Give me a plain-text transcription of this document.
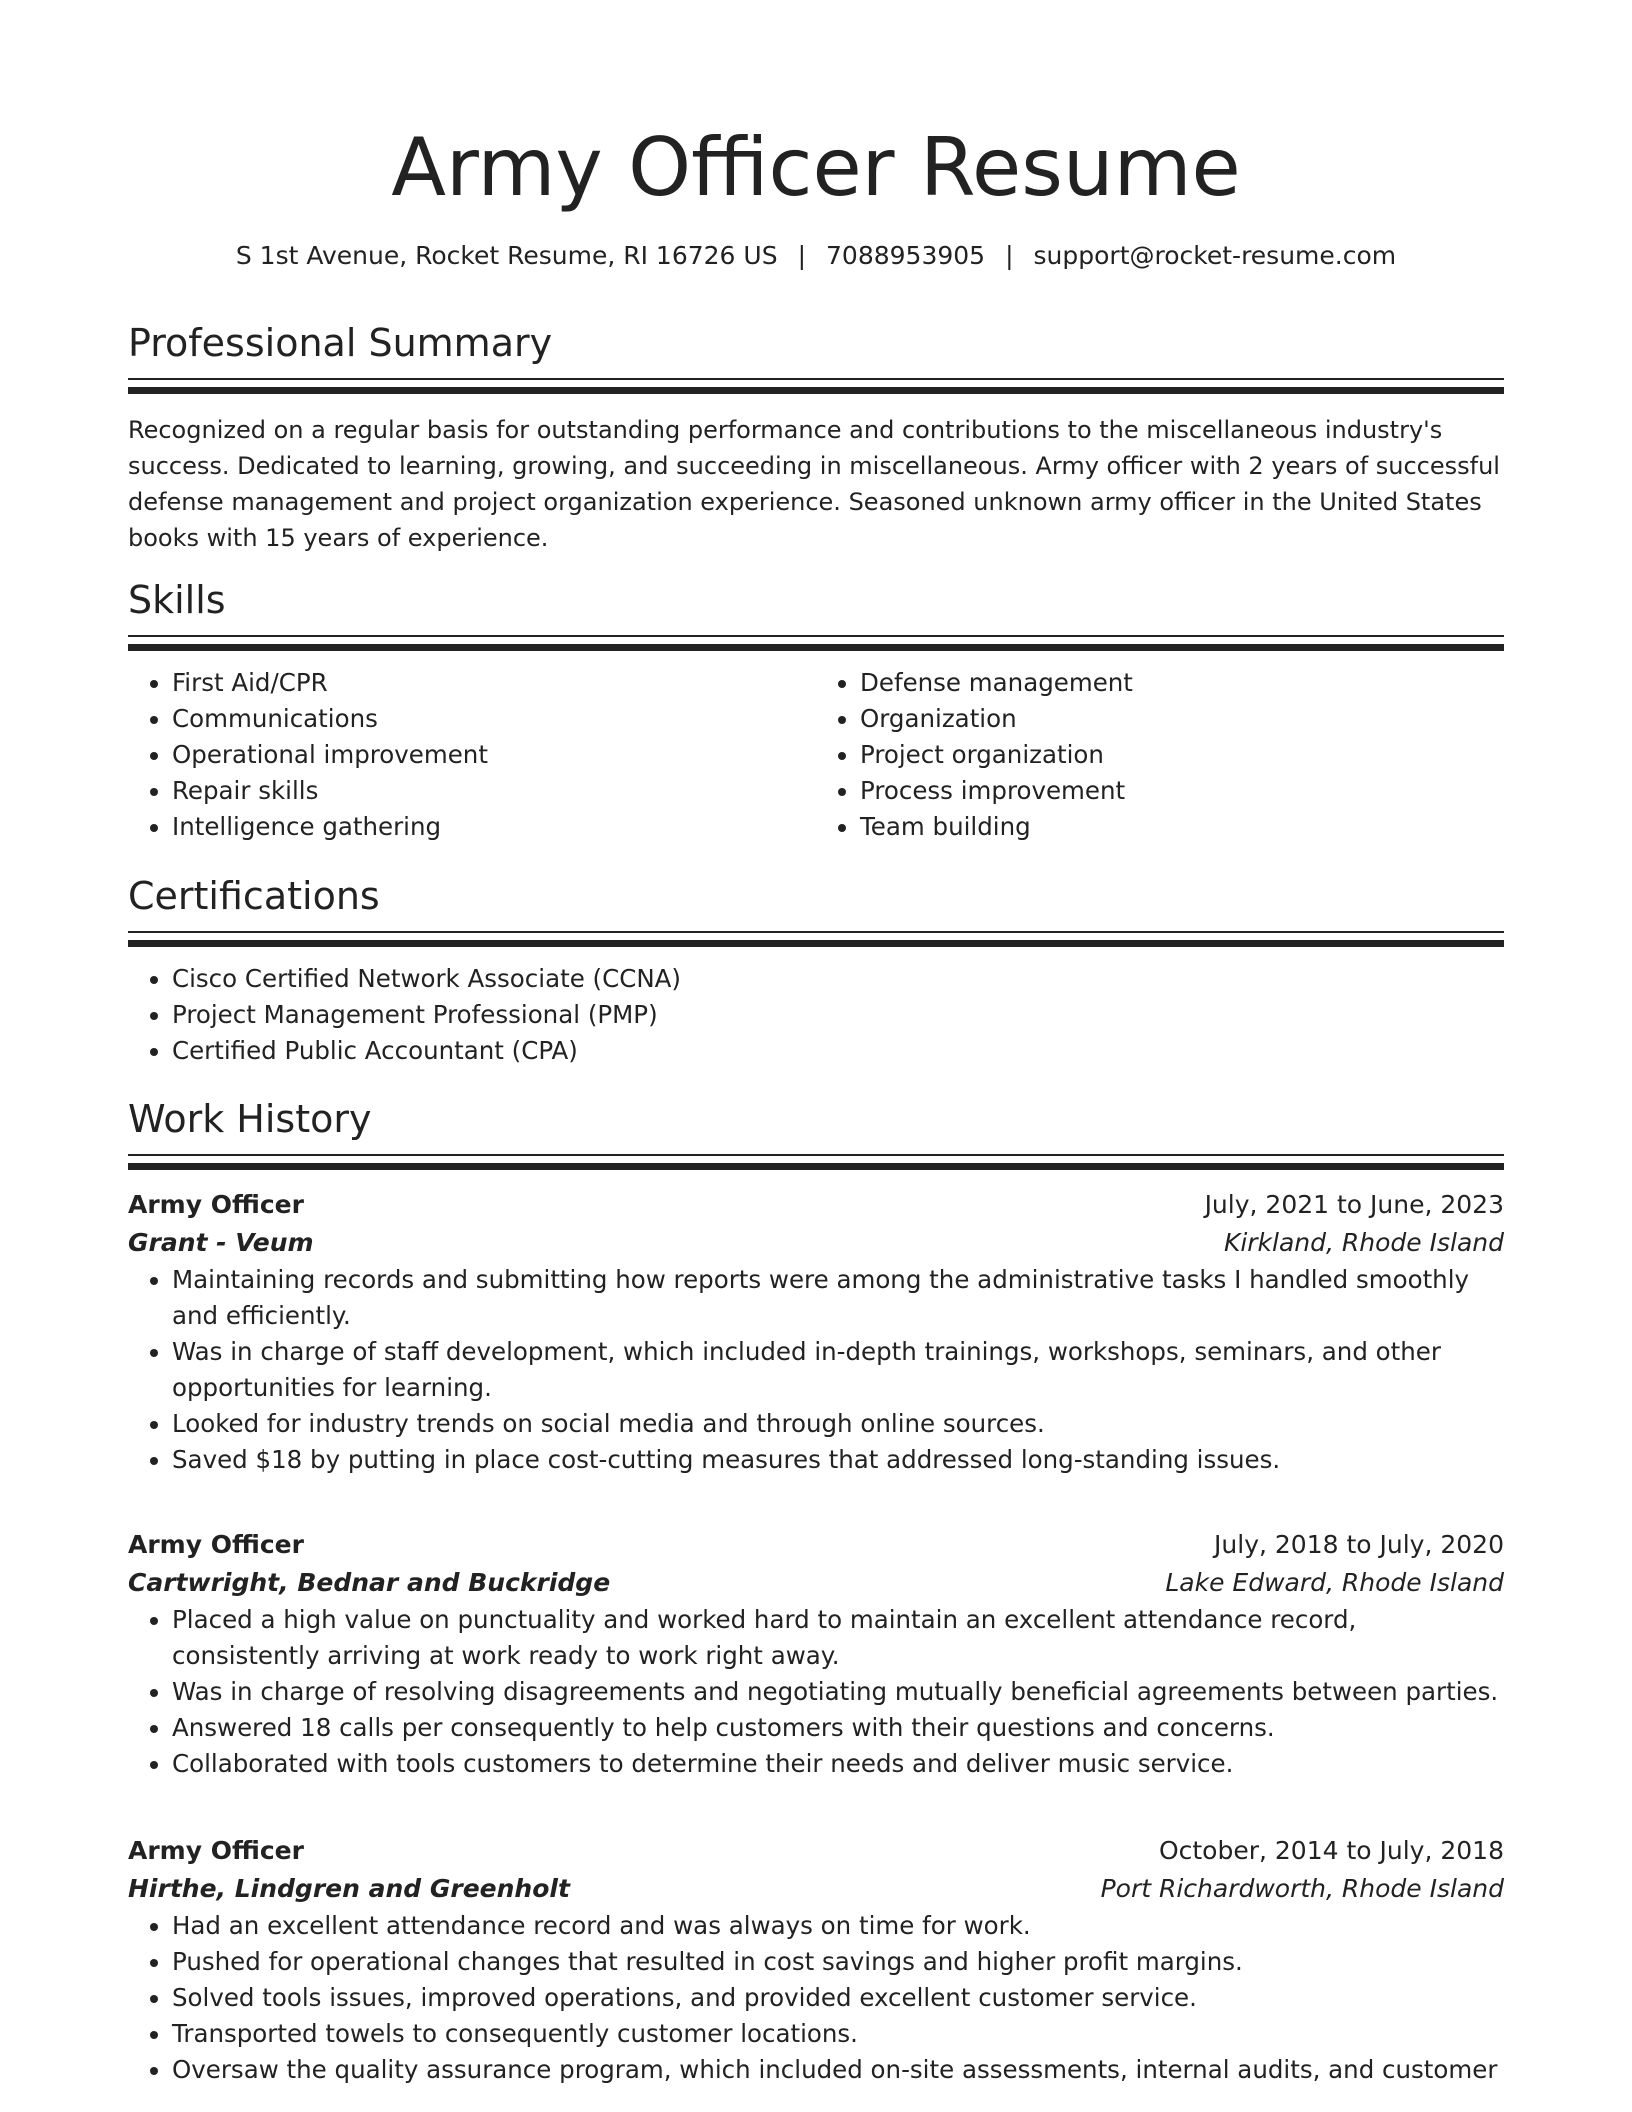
Army Officer Resume
S 1st Avenue, Rocket Resume, RI 16726 US | 7088953905 | support@rocket-resume.com
Professional Summary

Recognized on a regular basis for outstanding performance and contributions to the miscellaneous industry's success. Dedicated to learning, growing, and succeeding in miscellaneous. Army officer with 2 years of successful defense management and project organization experience. Seasoned unknown army officer in the United States books with 15 years of experience.

Skills
• First Aid/CPR
• Communications
• Operational improvement
• Repair skills
• Intelligence gathering
• Defense management
• Organization
• Project organization
• Process improvement
• Team building
Certifications
• Cisco Certified Network Associate (CCNA)
• Project Management Professional (PMP)
• Certified Public Accountant (CPA)
Work History
Army Officer	July, 2021 to June, 2023
Grant - Veum	Kirkland, Rhode Island
• Maintaining records and submitting how reports were among the administrative tasks I handled smoothly and efficiently.
• Was in charge of staff development, which included in-depth trainings, workshops, seminars, and other opportunities for learning.
• Looked for industry trends on social media and through online sources.
• Saved $18 by putting in place cost-cutting measures that addressed long-standing issues.
Army Officer	July, 2018 to July, 2020
Cartwright, Bednar and Buckridge	Lake Edward, Rhode Island
• Placed a high value on punctuality and worked hard to maintain an excellent attendance record, consistently arriving at work ready to work right away.
• Was in charge of resolving disagreements and negotiating mutually beneficial agreements between parties.
• Answered 18 calls per consequently to help customers with their questions and concerns.
• Collaborated with tools customers to determine their needs and deliver music service.
Army Officer	October, 2014 to July, 2018
Hirthe, Lindgren and Greenholt	Port Richardworth, Rhode Island
• Had an excellent attendance record and was always on time for work.
• Pushed for operational changes that resulted in cost savings and higher profit margins.
• Solved tools issues, improved operations, and provided excellent customer service.
• Transported towels to consequently customer locations.
• Oversaw the quality assurance program, which included on-site assessments, internal audits, and customer
